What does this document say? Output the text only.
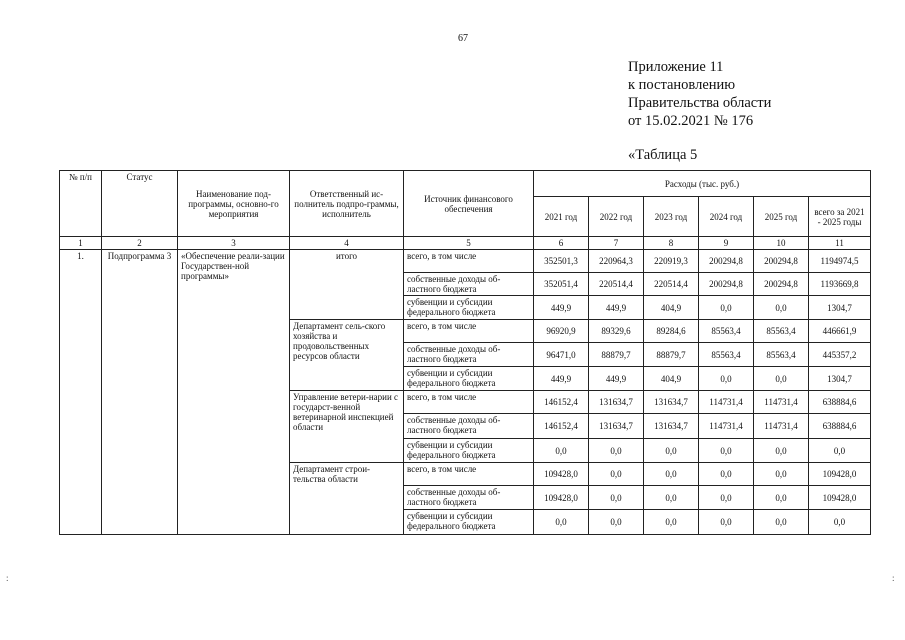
67
Приложение 11
к постановлению
Правительства области
от 15.02.2021 № 176
«Таблица 5
:	:
№ п/п	Статус	Наименование под-программы, основно-го мероприятия	Ответственный ис-полнитель подпро-граммы, исполнитель	Источник финансового обеспечения	Расходы (тыс. руб.)					
					2021 год	2022 год	2023 год	2024 год	2025 год	всего за 2021 - 2025 годы
1	2	3	4	5	6	7	8	9	10	11
1.	Подпрограмма 3	«Обеспечение реали-зации Государствен-ной программы»	итого	всего, в том числе	352501,3	220964,3	220919,3	200294,8	200294,8	1194974,5
				собственные доходы об-ластного бюджета	352051,4	220514,4	220514,4	200294,8	200294,8	1193669,8
				субвенции и субсидии федерального бюджета	449,9	449,9	404,9	0,0	0,0	1304,7
			Департамент сель-ского хозяйства и продовольственных ресурсов области	всего, в том числе	96920,9	89329,6	89284,6	85563,4	85563,4	446661,9
				собственные доходы об-ластного бюджета	96471,0	88879,7	88879,7	85563,4	85563,4	445357,2
				субвенции и субсидии федерального бюджета	449,9	449,9	404,9	0,0	0,0	1304,7
			Управление ветери-нарии с государст-венной ветеринарной инспекцией области	всего, в том числе	146152,4	131634,7	131634,7	114731,4	114731,4	638884,6
				собственные доходы об-ластного бюджета	146152,4	131634,7	131634,7	114731,4	114731,4	638884,6
				субвенции и субсидии федерального бюджета	0,0	0,0	0,0	0,0	0,0	0,0
			Департамент строи-тельства области	всего, в том числе	109428,0	0,0	0,0	0,0	0,0	109428,0
				собственные доходы об-ластного бюджета	109428,0	0,0	0,0	0,0	0,0	109428,0
				субвенции и субсидии федерального бюджета	0,0	0,0	0,0	0,0	0,0	0,0
